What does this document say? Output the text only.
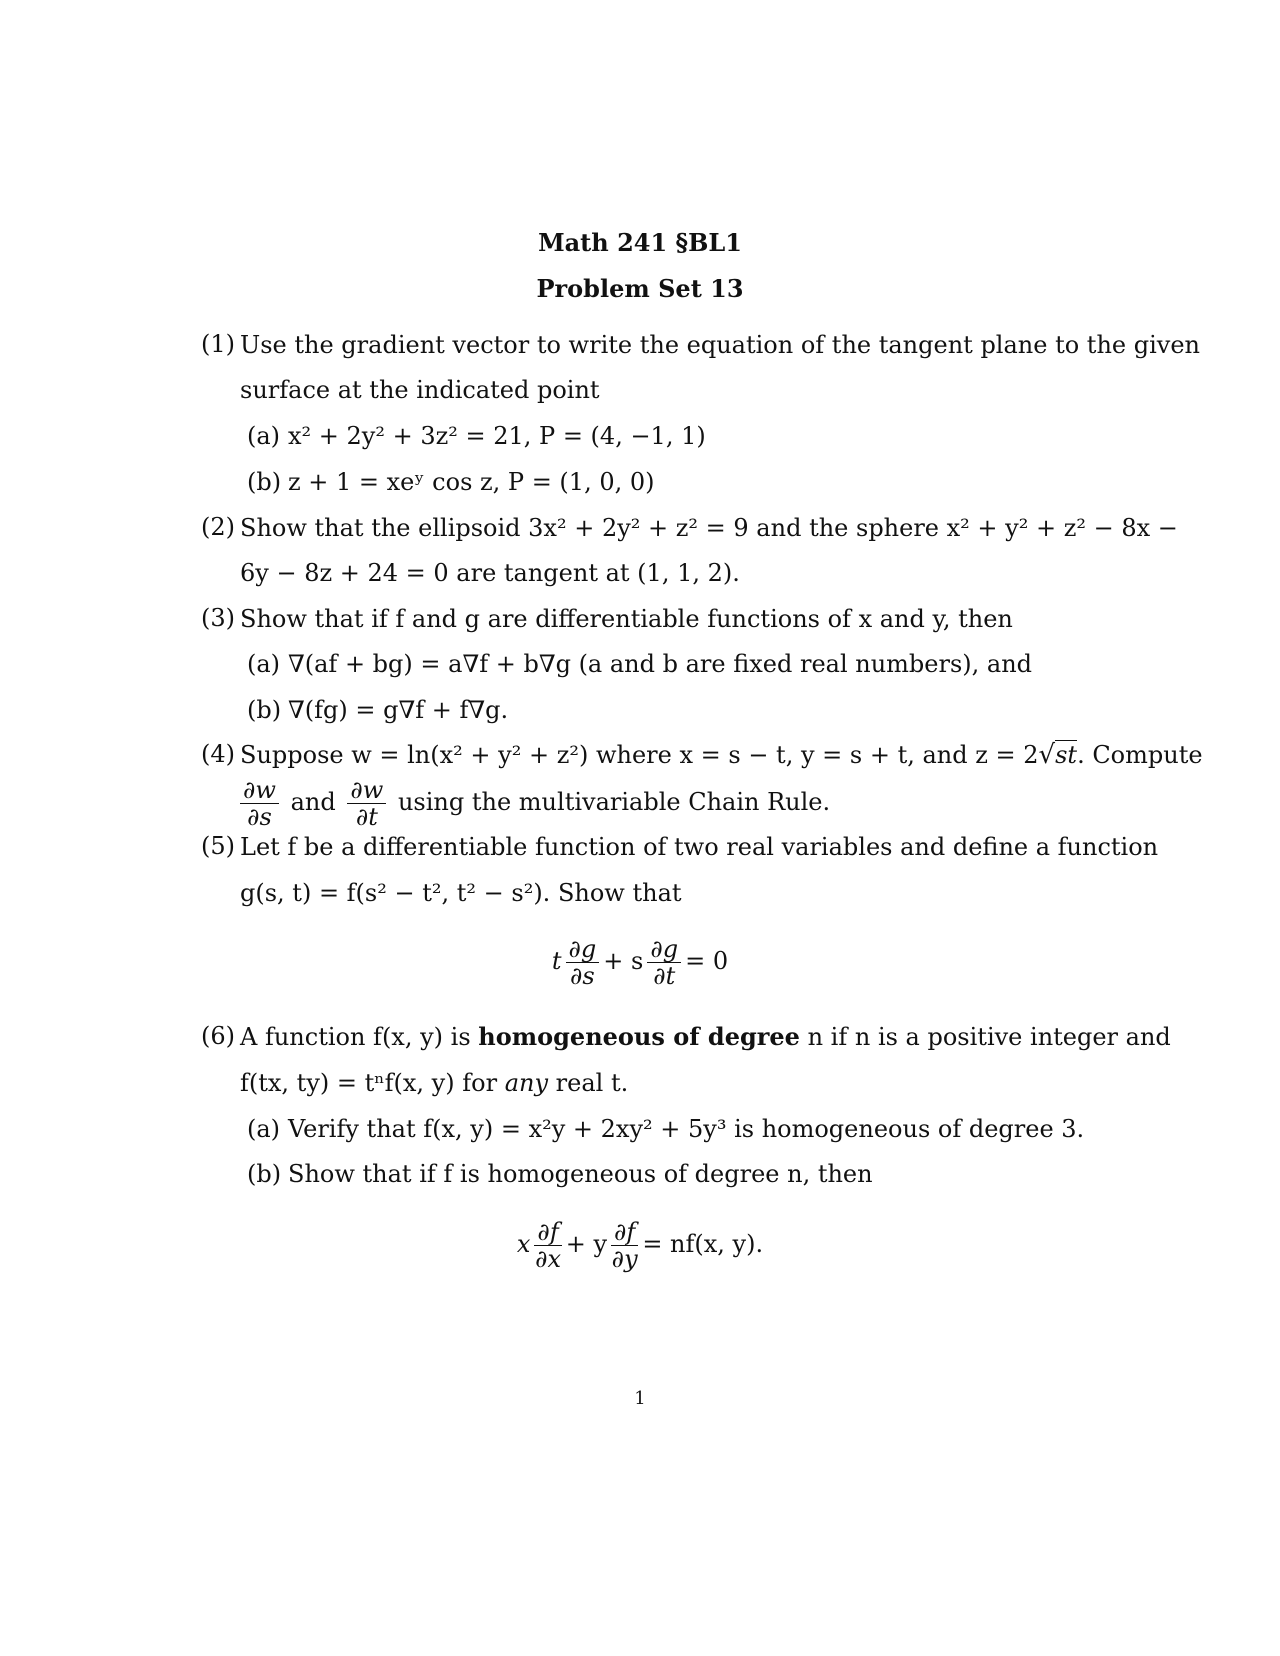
Math 241 §BL1
Problem Set 13
(1) Use the gradient vector to write the equation of the tangent plane to the given
surface at the indicated point
(a) x² + 2y² + 3z² = 21, P = (4, −1, 1)
(b) z + 1 = xeʸ cos z, P = (1, 0, 0)
(2) Show that the ellipsoid 3x² + 2y² + z² = 9 and the sphere x² + y² + z² − 8x −
6y − 8z + 24 = 0 are tangent at (1, 1, 2).
(3) Show that if f and g are differentiable functions of x and y, then
(a) ∇(af + bg) = a∇f + b∇g (a and b are fixed real numbers), and
(b) ∇(fg) = g∇f + f∇g.
(4) Suppose w = ln(x² + y² + z²) where x = s − t, y = s + t, and z = 2√st. Compute
$\frac{\partial w}{\partial s}$ and $\frac{\partial w}{\partial t}$ using the multivariable Chain Rule.
(5) Let f be a differentiable function of two real variables and define a function
g(s, t) = f(s² − t², t² − s²). Show that
t $\frac{\partial g}{\partial s} + s \frac{\partial g}{\partial t} = 0$
(6) A function f(x, y) is homogeneous of degree n if n is a positive integer and
f(tx, ty) = tⁿf(x, y) for any real t.
(a) Verify that f(x, y) = x²y + 2xy² + 5y³ is homogeneous of degree 3.
(b) Show that if f is homogeneous of degree n, then
x $\frac{\partial f}{\partial x} + y \frac{\partial f}{\partial y} = nf(x$, y).
1
